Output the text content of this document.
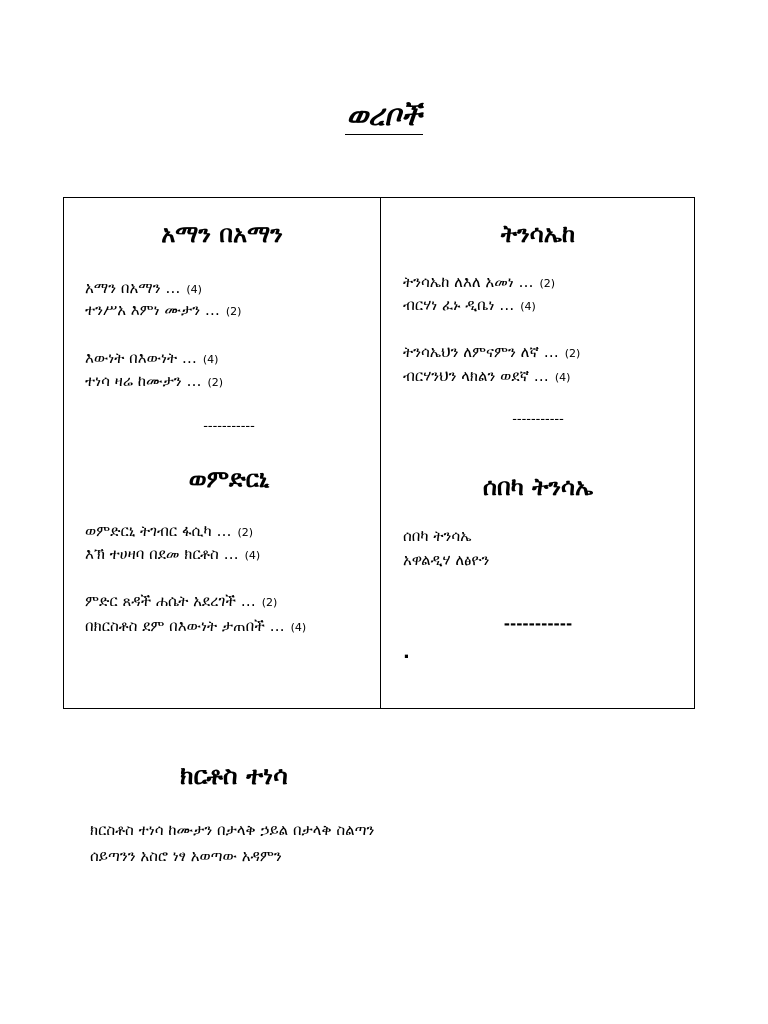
ወረቦች
አማን በአማን
አማን በአማን … (4)
ተንሥአ እምነ ሙታን … (2)
እውነት በእውነት … (4)
ተነሳ ዛሬ ከሙታን … (2)
-----------
ወምድርኒ
ወምድርኒ ትገብር ፋሲካ … (2)
እኽ ተሀዛባ በደመ ክርቶስ … (4)
ምድር ጸዳች ሐሴት አደረገች … (2)
በክርስቶስ ደም በእውነት ታጠበች … (4)
ትንሳኤከ
ትንሳኤከ ለእለ አመነ … (2)
ብርሃነ ፈኑ ዲቤነ … (4)
ትንሳኤህን ለምናምን ለኛ … (2)
ብርሃንህን ላክልን ወደኛ … (4)
-----------
ሰበካ ትንሳኤ
ሰበካ ትንሳኤ
አዋልዲሃ ለፅዮን
-----------
.
ክርቶስ ተነሳ
ክርስቶስ ተነሳ ከሙታን በታላቅ ኃይል በታላቅ ስልጣን
ሰይጣንን አስሮ ነፃ አወጣው አዳምን
